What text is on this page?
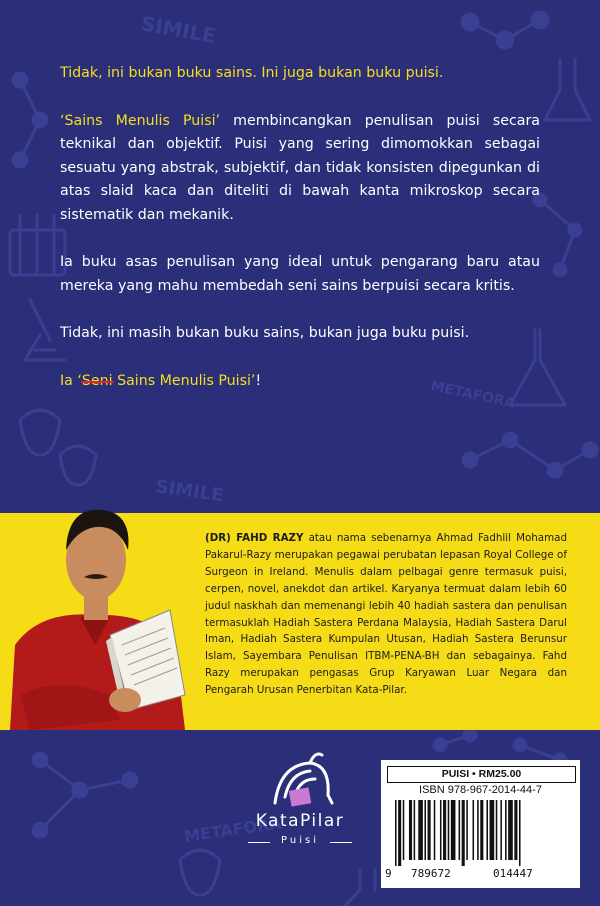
SIMILE
METAFORA
SIMILE
METAFORA

Tidak, ini bukan buku sains. Ini juga bukan buku puisi.

‘Sains Menulis Puisi’ membincangkan penulisan puisi secara teknikal dan objektif. Puisi yang sering dimomokkan sebagai sesuatu yang abstrak, subjektif, dan tidak konsisten dipegunkan di atas slaid kaca dan diteliti di bawah kanta mikroskop secara sistematik dan mekanik.

Ia buku asas penulisan yang ideal untuk pengarang baru atau mereka yang mahu membedah seni sains berpuisi secara kritis.

Tidak, ini masih bukan buku sains, bukan juga buku puisi.

Ia ‘Seni Sains Menulis Puisi’!

(DR) FAHD RAZY atau nama sebenarnya Ahmad Fadhlil Mohamad Pakarul-Razy merupakan pegawai perubatan lepasan Royal College of Surgeon in Ireland. Menulis dalam pelbagai genre termasuk puisi, cerpen, novel, anekdot dan artikel. Karyanya termuat dalam lebih 60 judul naskhah dan memenangi lebih 40 hadiah sastera dan penulisan termasuklah Hadiah Sastera Perdana Malaysia, Hadiah Sastera Darul Iman, Hadiah Sastera Kumpulan Utusan, Hadiah Sastera Berunsur Islam, Sayembara Penulisan ITBM-PENA-BH dan sebagainya. Fahd Razy merupakan pengasas Grup Karyawan Luar Negara dan Pengarah Urusan Penerbitan Kata-Pilar.
KataPilar
Puisi
PUISI • RM25.00
ISBN 978-967-2014-44-7
9 789672	014447
